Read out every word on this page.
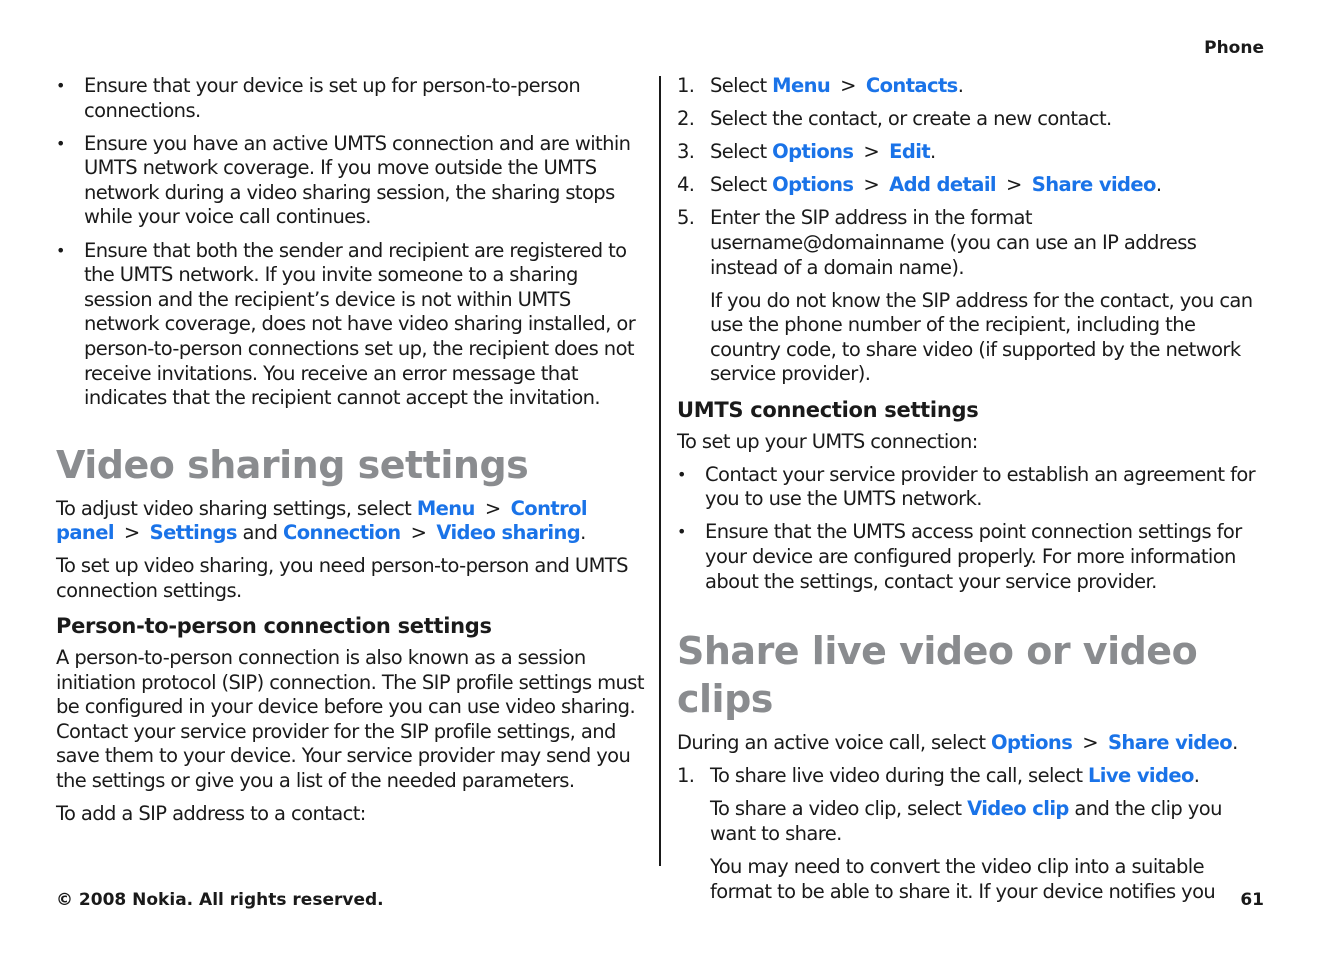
Phone
• Ensure that your device is set up for person-to-person connections.
• Ensure you have an active UMTS connection and are within UMTS network coverage. If you move outside the UMTS network during a video sharing session, the sharing stops while your voice call continues.
• Ensure that both the sender and recipient are registered to the UMTS network. If you invite someone to a sharing session and the recipient’s device is not within UMTS network coverage, does not have video sharing installed, or person-to-person connections set up, the recipient does not receive invitations. You receive an error message that indicates that the recipient cannot accept the invitation.
Video sharing settings

To adjust video sharing settings, select Menu > Control panel > Settings and Connection > Video sharing.

To set up video sharing, you need person-to-person and UMTS connection settings.

Person-to-person connection settings

A person-to-person connection is also known as a session initiation protocol (SIP) connection. The SIP profile settings must be configured in your device before you can use video sharing. Contact your service provider for the SIP profile settings, and save them to your device. Your service provider may send you the settings or give you a list of the needed parameters.

To add a SIP address to a contact:

1. Select Menu > Contacts.
2. Select the contact, or create a new contact.
3. Select Options > Edit.
4. Select Options > Add detail > Share video.
5. Enter the SIP address in the format username@domainname (you can use an IP address instead of a domain name).

If you do not know the SIP address for the contact, you can use the phone number of the recipient, including the country code, to share video (if supported by the network service provider).

UMTS connection settings

To set up your UMTS connection:

• Contact your service provider to establish an agreement for you to use the UMTS network.
• Ensure that the UMTS access point connection settings for your device are configured properly. For more information about the settings, contact your service provider.
Share live video or video clips

During an active voice call, select Options > Share video.

1. To share live video during the call, select Live video.

To share a video clip, select Video clip and the clip you want to share.

You may need to convert the video clip into a suitable format to be able to share it. If your device notifies you

© 2008 Nokia. All rights reserved.	61
